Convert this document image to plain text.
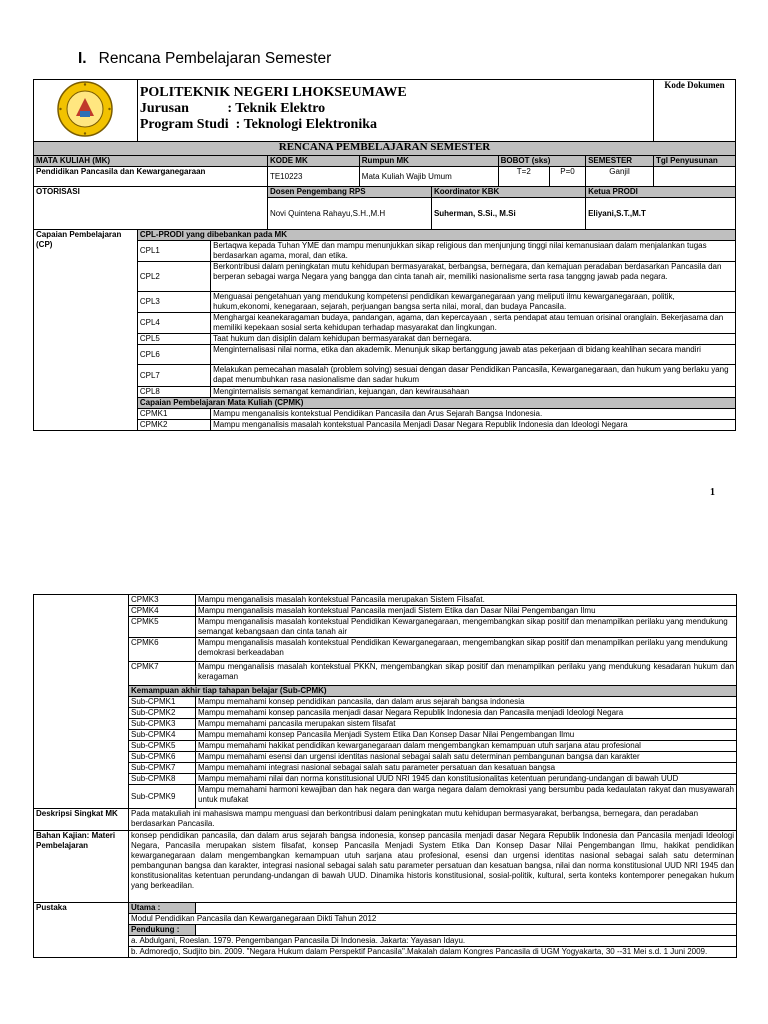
I. Rencana Pembelajaran Semester

POLITEKNIK NEGERI LHOKSEUMAWE
Jurusan           : Teknik Elektro
Program Studi  : Teknologi Elektronika								Kode Dokumen
RENCANA PEMBELAJARAN SEMESTER									
MATA KULIAH (MK)			KODE MK	Rumpun MK		BOBOT (sks)		SEMESTER	Tgl Penyusunan
Pendidikan Pancasila dan Kewarganegaraan			TE10223	Mata Kuliah Wajib Umum		T=2	P=0	Ganjil	
OTORISASI			Dosen Pengembang RPS		Koordinator KBK			Ketua PRODI	
			Novi Quintena Rahayu,S.H.,M.H		Suherman, S.Si., M.Si			Eliyani,S.T.,M.T	
Capaian Pembelajaran (CP)	CPL-PRODI yang dibebankan pada MK								
	CPL1	Bertaqwa kepada Tuhan YME dan mampu menunjukkan sikap religious dan menjunjung tinggi nilai kemanusiaan dalam menjalankan tugas berdasarkan agama, moral, dan etika.							
	CPL2	Berkontribusi dalam peningkatan mutu kehidupan bermasyarakat, berbangsa, bernegara, dan kemajuan peradaban berdasarkan Pancasila dan berperan sebagai warga Negara yang bangga dan cinta tanah air, memiliki nasionalisme serta rasa tanggng jawab pada negara.							
	CPL3	Menguasai pengetahuan yang mendukung kompetensi pendidikan kewarganegaraan yang meliputi ilmu kewarganegaraan, politik, hukum,ekonomi, kenegaraan, sejarah, perjuangan bangsa serta nilai, moral, dan budaya Pancasila.							
	CPL4	Menghargai keanekaragaman budaya, pandangan, agama, dan kepercayaan , serta pendapat atau temuan orisinal oranglain. Bekerjasama dan memiliki kepekaan sosial serta kehidupan terhadap masyarakat dan lingkungan.							
	CPL5	Taat hukum dan disiplin dalam kehidupan bermasyarakat dan bernegara.							
	CPL6	Menginternalisasi nilai norma, etika dan akademik. Menunjuk sikap bertanggung jawab atas pekerjaan di bidang keahlihan secara mandiri							
	CPL7	Melakukan pemecahan masalah (problem solving) sesuai dengan dasar Pendidikan Pancasila, Kewarganegaraan, dan hukum yang berlaku yang dapat menumbuhkan rasa nasionalisme dan sadar hukum							
	CPL8	Menginternalisis semangat kemandirian, kejuangan, dan kewirausahaan							
	Capaian Pembelajaran Mata Kuliah (CPMK)								
	CPMK1	Mampu menganalisis kontekstual Pendidikan Pancasila dan Arus Sejarah Bangsa Indonesia.							
	CPMK2	Mampu menganalisis masalah kontekstual Pancasila Menjadi Dasar Negara Republik Indonesia dan Ideologi Negara							
1
	CPMK3	Mampu menganalisis masalah kontekstual Pancasila merupakan Sistem Filsafat.
	CPMK4	Mampu menganalisis masalah kontekstual Pancasila menjadi Sistem Etika dan Dasar Nilai Pengembangan Ilmu
	CPMK5	Mampu menganalisis masalah kontekstual Pendidikan Kewarganegaraan, mengembangkan sikap positif dan menampilkan perilaku yang mendukung semangat kebangsaan dan cinta tanah air
	CPMK6	Mampu menganalisis masalah kontekstual Pendidikan Kewarganegaraan, mengembangkan sikap positif dan menampilkan perilaku yang mendukung demokrasi berkeadaban
	CPMK7	Mampu menganalisis masalah kontekstual PKKN, mengembangkan sikap positif dan menampilkan perilaku yang mendukung kesadaran hukum dan keragaman
	Kemampuan akhir tiap tahapan belajar (Sub-CPMK)	
	Sub-CPMK1	Mampu memahami konsep pendidikan pancasila, dan dalam arus sejarah bangsa indonesia
	Sub-CPMK2	Mampu memahami konsep pancasila menjadi dasar Negara Republik Indonesia dan Pancasila menjadi Ideologi Negara
	Sub-CPMK3	Mampu memahami pancasila merupakan sistem filsafat
	Sub-CPMK4	Mampu memahami konsep Pancasila Menjadi System Etika Dan Konsep Dasar Nilai Pengembangan Ilmu
	Sub-CPMK5	Mampu memahami hakikat pendidikan kewarganegaraan dalam mengembangkan kemampuan utuh sarjana atau profesional
	Sub-CPMK6	Mampu memahami esensi dan urgensi identitas nasional sebagai salah satu determinan pembangunan bangsa dan karakter
	Sub-CPMK7	Mampu memahami integrasi nasional sebagai salah satu parameter persatuan dan kesatuan bangsa
	Sub-CPMK8	Mampu memahami nilai dan norma konstitusional UUD NRI 1945 dan konstitusionalitas ketentuan perundang-undangan di bawah UUD
	Sub-CPMK9	Mampu memahami harmoni kewajiban dan hak negara dan warga negara dalam demokrasi yang bersumbu pada kedaulatan rakyat dan musyawarah untuk mufakat
Deskripsi Singkat MK	Pada matakuliah ini mahasiswa mampu menguasi dan berkontribusi dalam peningkatan mutu kehidupan bermasyarakat, berbangsa, bernegara, dan peradaban berdasarkan Pancasila.	
Bahan Kajian: Materi Pembelajaran	konsep pendidikan pancasila, dan dalam arus sejarah bangsa indonesia, konsep pancasila menjadi dasar Negara Republik Indonesia dan Pancasila menjadi Ideologi Negara, Pancasila merupakan sistem filsafat, konsep Pancasila Menjadi System Etika Dan Konsep Dasar Nilai Pengembangan Ilmu, hakikat pendidikan kewarganegaraan dalam mengembangkan kemampuan utuh sarjana atau profesional, esensi dan urgensi identitas nasional sebagai salah satu determinan pembangunan bangsa dan karakter, integrasi nasional sebagai salah satu parameter persatuan dan kesatuan bangsa, nilai dan norma konstitusional UUD NRI 1945 dan konstitusionalitas ketentuan perundang-undangan di bawah UUD. Dinamika historis konstitusional, sosial-politik, kultural, serta konteks kontemporer penegakan hukum yang berkeadilan.	
Pustaka	Utama :	
	Modul Pendidikan Pancasila dan Kewarganegaraan Dikti Tahun 2012	
	Pendukung :	
	a. Abdulgani, Roeslan. 1979. Pengembangan Pancasila Di Indonesia. Jakarta: Yayasan Idayu.	
	b. Admoredjo, Sudjito bin. 2009. "Negara Hukum dalam Perspektif Pancasila".Makalah dalam Kongres Pancasila di UGM Yogyakarta, 30 --31 Mei s.d. 1 Juni 2009.	
